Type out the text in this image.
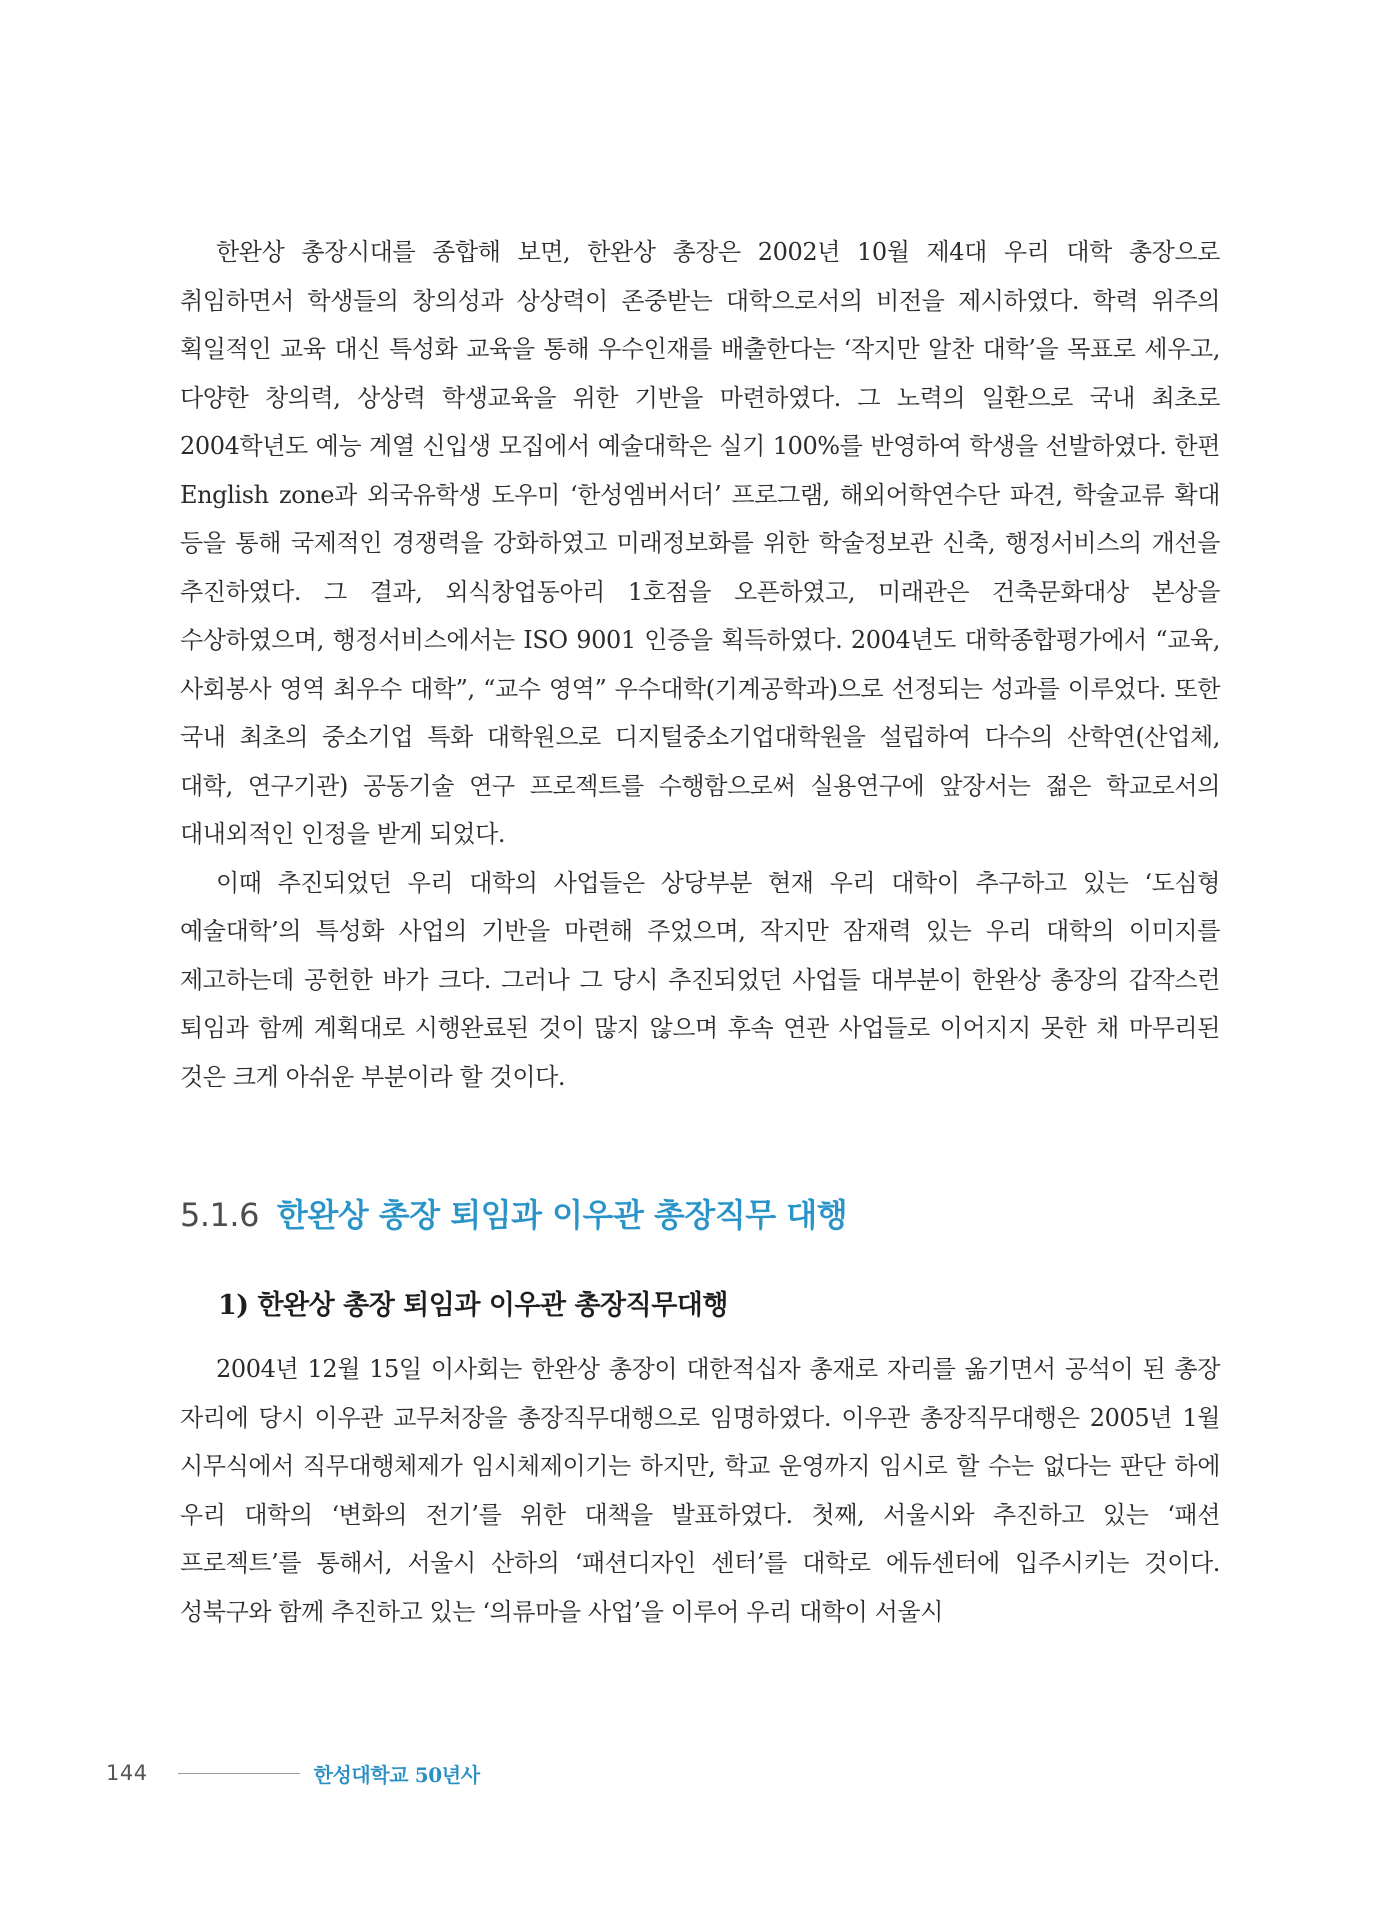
한완상 총장시대를 종합해 보면, 한완상 총장은 2002년 10월 제4대 우리 대학 총장으로 취임하면서 학생들의 창의성과 상상력이 존중받는 대학으로서의 비전을 제시하였다. 학력 위주의 획일적인 교육 대신 특성화 교육을 통해 우수인재를 배출한다는 ‘작지만 알찬 대학’을 목표로 세우고, 다양한 창의력, 상상력 학생교육을 위한 기반을 마련하였다. 그 노력의 일환으로 국내 최초로 2004학년도 예능 계열 신입생 모집에서 예술대학은 실기 100%를 반영하여 학생을 선발하였다. 한편 English zone과 외국유학생 도우미 ‘한성엠버서더’ 프로그램, 해외어학연수단 파견, 학술교류 확대 등을 통해 국제적인 경쟁력을 강화하였고 미래정보화를 위한 학술정보관 신축, 행정서비스의 개선을 추진하였다. 그 결과, 외식창업동아리 1호점을 오픈하였고, 미래관은 건축문화대상 본상을 수상하였으며, 행정서비스에서는 ISO 9001 인증을 획득하였다. 2004년도 대학종합평가에서 “교육, 사회봉사 영역 최우수 대학”, “교수 영역” 우수대학(기계공학과)으로 선정되는 성과를 이루었다. 또한 국내 최초의 중소기업 특화 대학원으로 디지털중소기업대학원을 설립하여 다수의 산학연(산업체, 대학, 연구기관) 공동기술 연구 프로젝트를 수행함으로써 실용연구에 앞장서는 젊은 학교로서의 대내외적인 인정을 받게 되었다.

이때 추진되었던 우리 대학의 사업들은 상당부분 현재 우리 대학이 추구하고 있는 ‘도심형 예술대학’의 특성화 사업의 기반을 마련해 주었으며, 작지만 잠재력 있는 우리 대학의 이미지를 제고하는데 공헌한 바가 크다. 그러나 그 당시 추진되었던 사업들 대부분이 한완상 총장의 갑작스런 퇴임과 함께 계획대로 시행완료된 것이 많지 않으며 후속 연관 사업들로 이어지지 못한 채 마무리된 것은 크게 아쉬운 부분이라 할 것이다.

5.1.6 한완상 총장 퇴임과 이우관 총장직무 대행
1) 한완상 총장 퇴임과 이우관 총장직무대행

2004년 12월 15일 이사회는 한완상 총장이 대한적십자 총재로 자리를 옮기면서 공석이 된 총장 자리에 당시 이우관 교무처장을 총장직무대행으로 임명하였다. 이우관 총장직무대행은 2005년 1월 시무식에서 직무대행체제가 임시체제이기는 하지만, 학교 운영까지 임시로 할 수는 없다는 판단 하에 우리 대학의 ‘변화의 전기’를 위한 대책을 발표하였다. 첫째, 서울시와 추진하고 있는 ‘패션 프로젝트’를 통해서, 서울시 산하의 ‘패션디자인 센터’를 대학로 에듀센터에 입주시키는 것이다. 성북구와 함께 추진하고 있는 ‘의류마을 사업’을 이루어 우리 대학이 서울시

144	한성대학교 50년사
